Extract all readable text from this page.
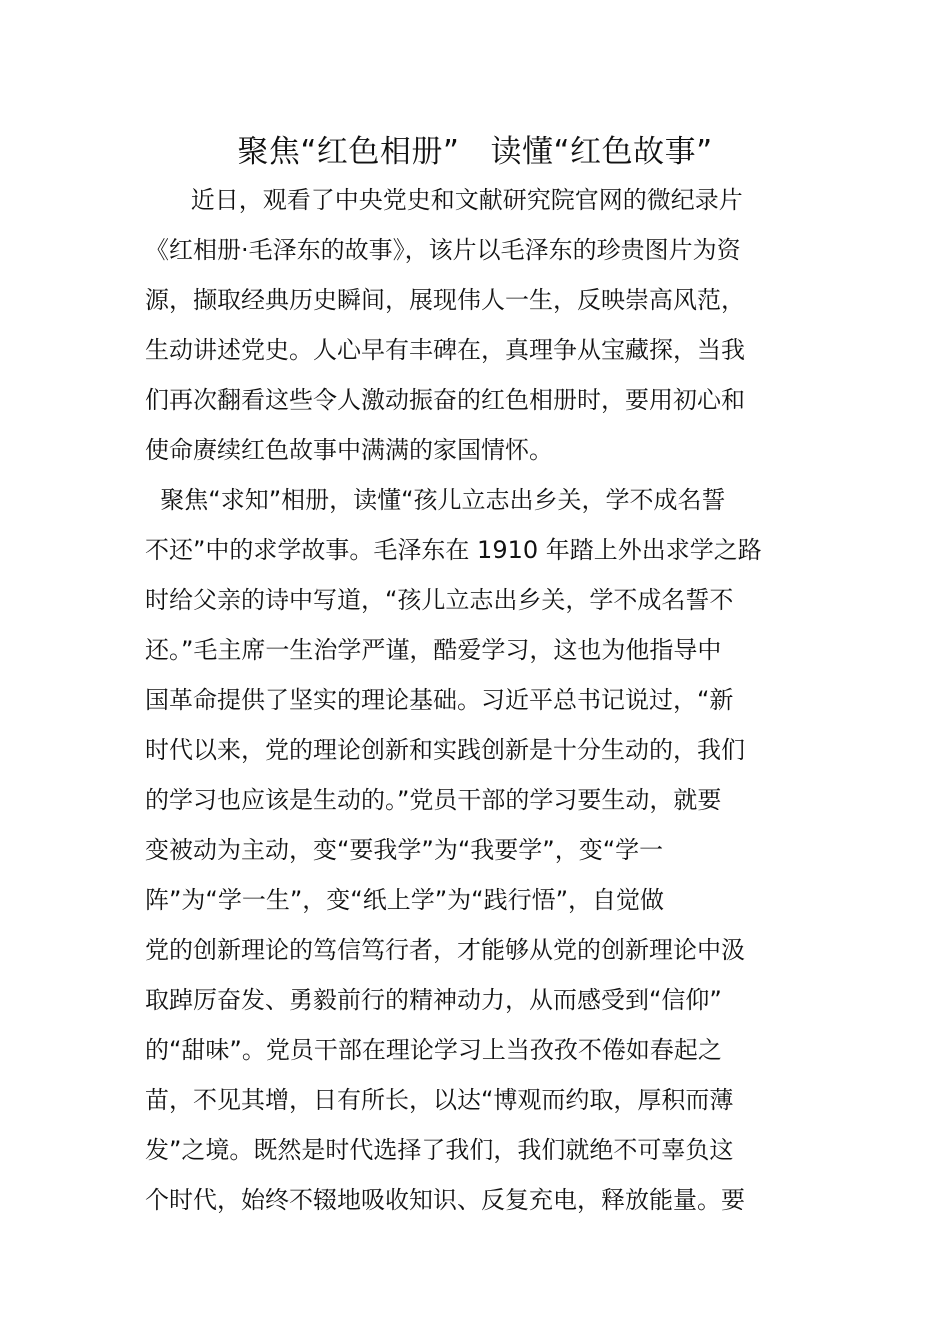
聚焦“红色相册”   读懂“红色故事”

近日，观看了中央党史和文献研究院官网的微纪录片

《红相册·毛泽东的故事》，该片以毛泽东的珍贵图片为资

源，撷取经典历史瞬间，展现伟人一生，反映崇高风范，

生动讲述党史。人心早有丰碑在，真理争从宝藏探，当我

们再次翻看这些令人激动振奋的红色相册时，要用初心和

使命赓续红色故事中满满的家国情怀。

聚焦“求知”相册，读懂“孩儿立志出乡关，学不成名誓

不还”中的求学故事。毛泽东在 1910 年踏上外出求学之路

时给父亲的诗中写道，“孩儿立志出乡关，学不成名誓不

还。”毛主席一生治学严谨，酷爱学习，这也为他指导中

国革命提供了坚实的理论基础。习近平总书记说过，“新

时代以来，党的理论创新和实践创新是十分生动的，我们

的学习也应该是生动的。”党员干部的学习要生动，就要

变被动为主动，变“要我学”为“我要学”，变“学一

阵”为“学一生”，变“纸上学”为“践行悟”，自觉做

党的创新理论的笃信笃行者，才能够从党的创新理论中汲

取踔厉奋发、勇毅前行的精神动力，从而感受到“信仰”

的“甜味”。党员干部在理论学习上当孜孜不倦如春起之

苗，不见其增，日有所长，以达“博观而约取，厚积而薄

发”之境。既然是时代选择了我们，我们就绝不可辜负这

个时代，始终不辍地吸收知识、反复充电，释放能量。要
